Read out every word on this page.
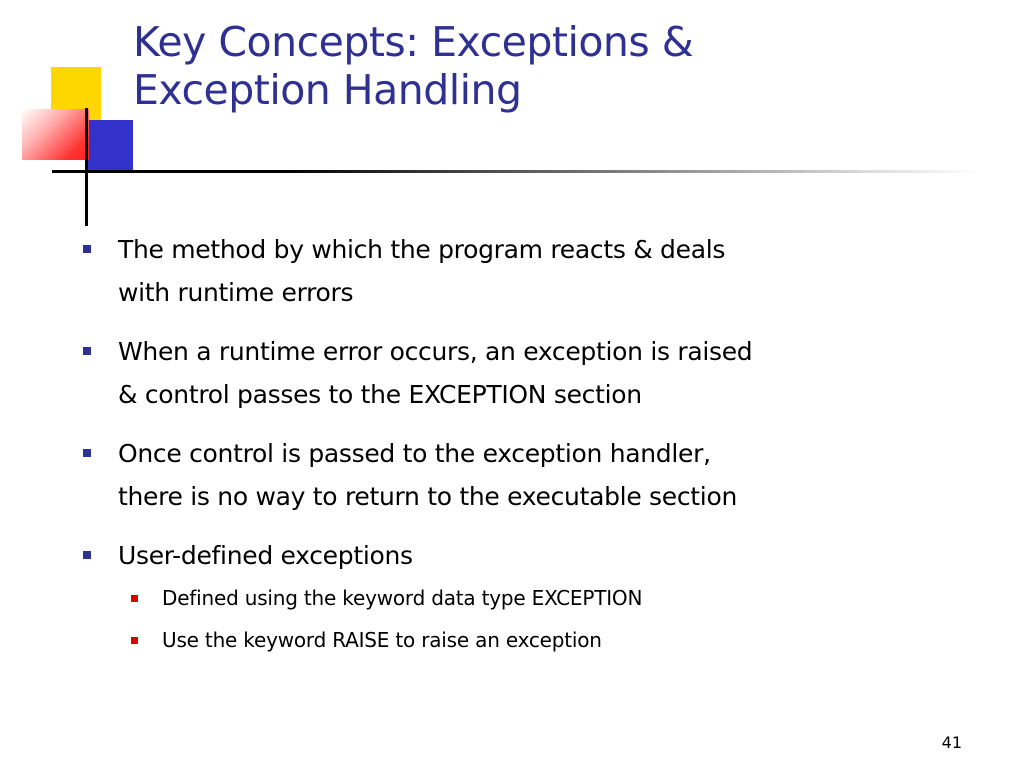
Key Concepts: Exceptions &
Exception Handling
The method by which the program reacts & deals
with runtime errors
When a runtime error occurs, an exception is raised
& control passes to the EXCEPTION section
Once control is passed to the exception handler,
there is no way to return to the executable section
User-defined exceptions
Defined using the keyword data type EXCEPTION
Use the keyword RAISE to raise an exception
41
